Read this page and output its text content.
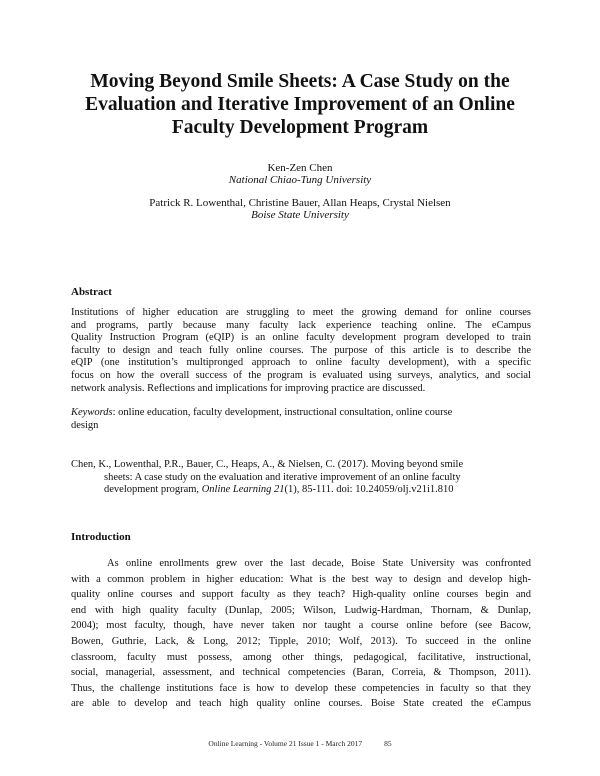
Moving Beyond Smile Sheets: A Case Study on the
Evaluation and Iterative Improvement of an Online
Faculty Development Program
Ken-Zen Chen
National Chiao-Tung University
Patrick R. Lowenthal, Christine Bauer, Allan Heaps, Crystal Nielsen
Boise State University
Abstract
Institutions of higher education are struggling to meet the growing demand for online courses
and programs, partly because many faculty lack experience teaching online. The eCampus
Quality Instruction Program (eQIP) is an online faculty development program developed to train
faculty to design and teach fully online courses. The purpose of this article is to describe the
eQIP (one institution’s multipronged approach to online faculty development), with a specific
focus on how the overall success of the program is evaluated using surveys, analytics, and social
network analysis. Reflections and implications for improving practice are discussed.
Keywords: online education, faculty development, instructional consultation, online course
design
Chen, K., Lowenthal, P.R., Bauer, C., Heaps, A., & Nielsen, C. (2017). Moving beyond smile
sheets: A case study on the evaluation and iterative improvement of an online faculty
development program, Online Learning 21(1), 85-111. doi: 10.24059/olj.v21i1.810
Introduction
As online enrollments grew over the last decade, Boise State University was confronted
with a common problem in higher education: What is the best way to design and develop high-
quality online courses and support faculty as they teach? High-quality online courses begin and
end with high quality faculty (Dunlap, 2005; Wilson, Ludwig-Hardman, Thornam, & Dunlap,
2004); most faculty, though, have never taken nor taught a course online before (see Bacow,
Bowen, Guthrie, Lack, & Long, 2012; Tipple, 2010; Wolf, 2013). To succeed in the online
classroom, faculty must possess, among other things, pedagogical, facilitative, instructional,
social, managerial, assessment, and technical competencies (Baran, Correia, & Thompson, 2011).
Thus, the challenge institutions face is how to develop these competencies in faculty so that they
are able to develop and teach high quality online courses. Boise State created the eCampus
Online Learning - Volume 21 Issue 1 - March 2017	85
